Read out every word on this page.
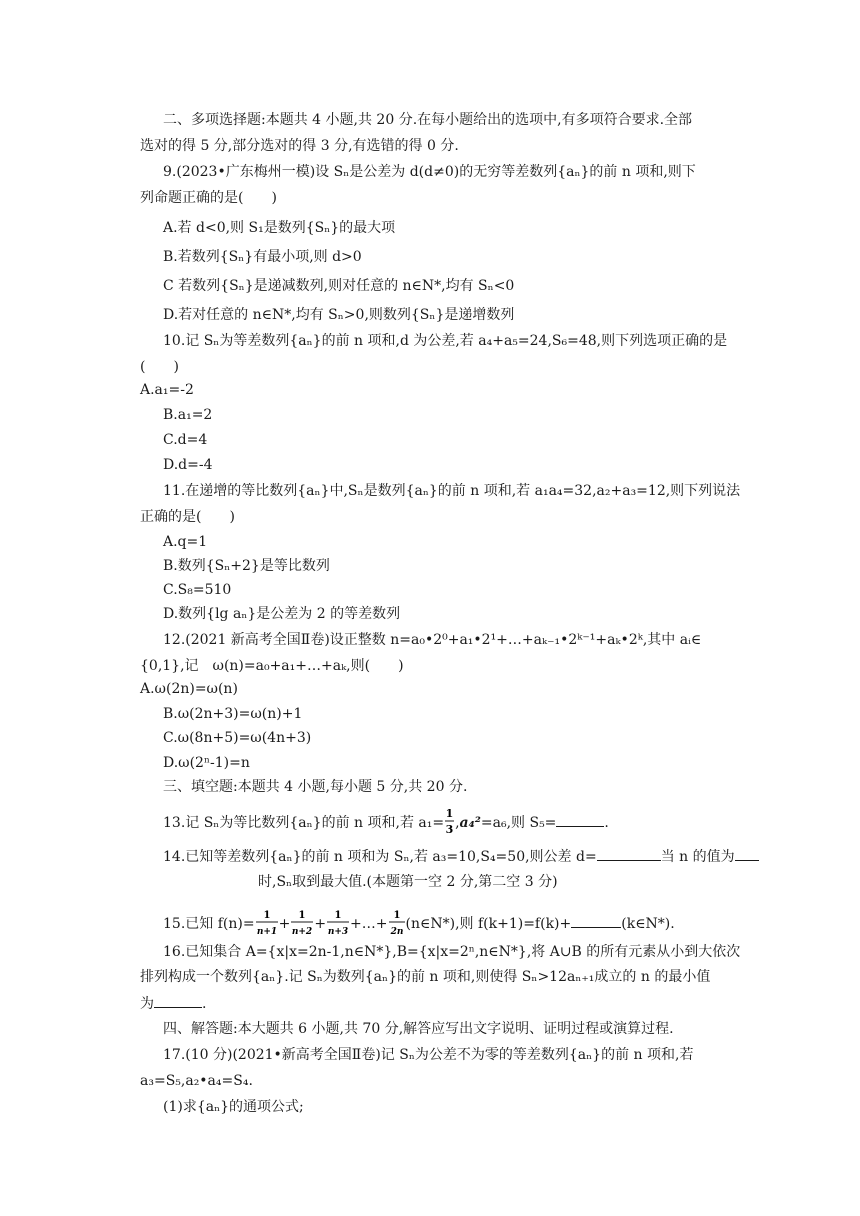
二、多项选择题:本题共 4 小题,共 20 分.在每小题给出的选项中,有多项符合要求.全部
选对的得 5 分,部分选对的得 3 分,有选错的得 0 分.
9.(2023•广东梅州一模)设 Sₙ是公差为 d(d≠0)的无穷等差数列{aₙ}的前 n 项和,则下
列命题正确的是(　　)
A.若 d<0,则 S₁是数列{Sₙ}的最大项
B.若数列{Sₙ}有最小项,则 d>0
C 若数列{Sₙ}是递减数列,则对任意的 n∈N*,均有 Sₙ<0
D.若对任意的 n∈N*,均有 Sₙ>0,则数列{Sₙ}是递增数列
10.记 Sₙ为等差数列{aₙ}的前 n 项和,d 为公差,若 a₄+a₅=24,S₆=48,则下列选项正确的是
(　　)
A.a₁=-2
B.a₁=2
C.d=4
D.d=-4
11.在递增的等比数列{aₙ}中,Sₙ是数列{aₙ}的前 n 项和,若 a₁a₄=32,a₂+a₃=12,则下列说法
正确的是(　　)
A.q=1
B.数列{Sₙ+2}是等比数列
C.S₈=510
D.数列{lg aₙ}是公差为 2 的等差数列
12.(2021 新高考全国Ⅱ卷)设正整数 n=a₀•2⁰+a₁•2¹+…+aₖ₋₁•2ᵏ⁻¹+aₖ•2ᵏ,其中 aᵢ∈
{0,1},记　ω(n)=a₀+a₁+…+aₖ,则(　　)
A.ω(2n)=ω(n)
B.ω(2n+3)=ω(n)+1
C.ω(8n+5)=ω(4n+3)
D.ω(2ⁿ-1)=n
三、填空题:本题共 4 小题,每小题 5 分,共 20 分.
13.记 Sₙ为等比数列{aₙ}的前 n 项和,若 a₁=
1
3 ,a₄²=a₆,则 S₅=	.
14.已知等差数列{aₙ}的前 n 项和为 Sₙ,若 a₃=10,S₄=50,则公差 d=	当 n 的值为
时,Sₙ取到最大值.(本题第一空 2 分,第二空 3 分)
15.已知 f(n)=
1
n+1 +
1
n+2 +
1
n+3 +…+
1
2n (n∈N*),则 f(k+1)=f(k)+	(k∈N*).
16.已知集合 A={x|x=2n-1,n∈N*},B={x|x=2ⁿ,n∈N*},将 A∪B 的所有元素从小到大依次
排列构成一个数列{aₙ}.记 Sₙ为数列{aₙ}的前 n 项和,则使得 Sₙ>12aₙ₊₁成立的 n 的最小值
为	.
四、解答题:本大题共 6 小题,共 70 分,解答应写出文字说明、证明过程或演算过程.
17.(10 分)(2021•新高考全国Ⅱ卷)记 Sₙ为公差不为零的等差数列{aₙ}的前 n 项和,若
a₃=S₅,a₂•a₄=S₄.
(1)求{aₙ}的通项公式;
